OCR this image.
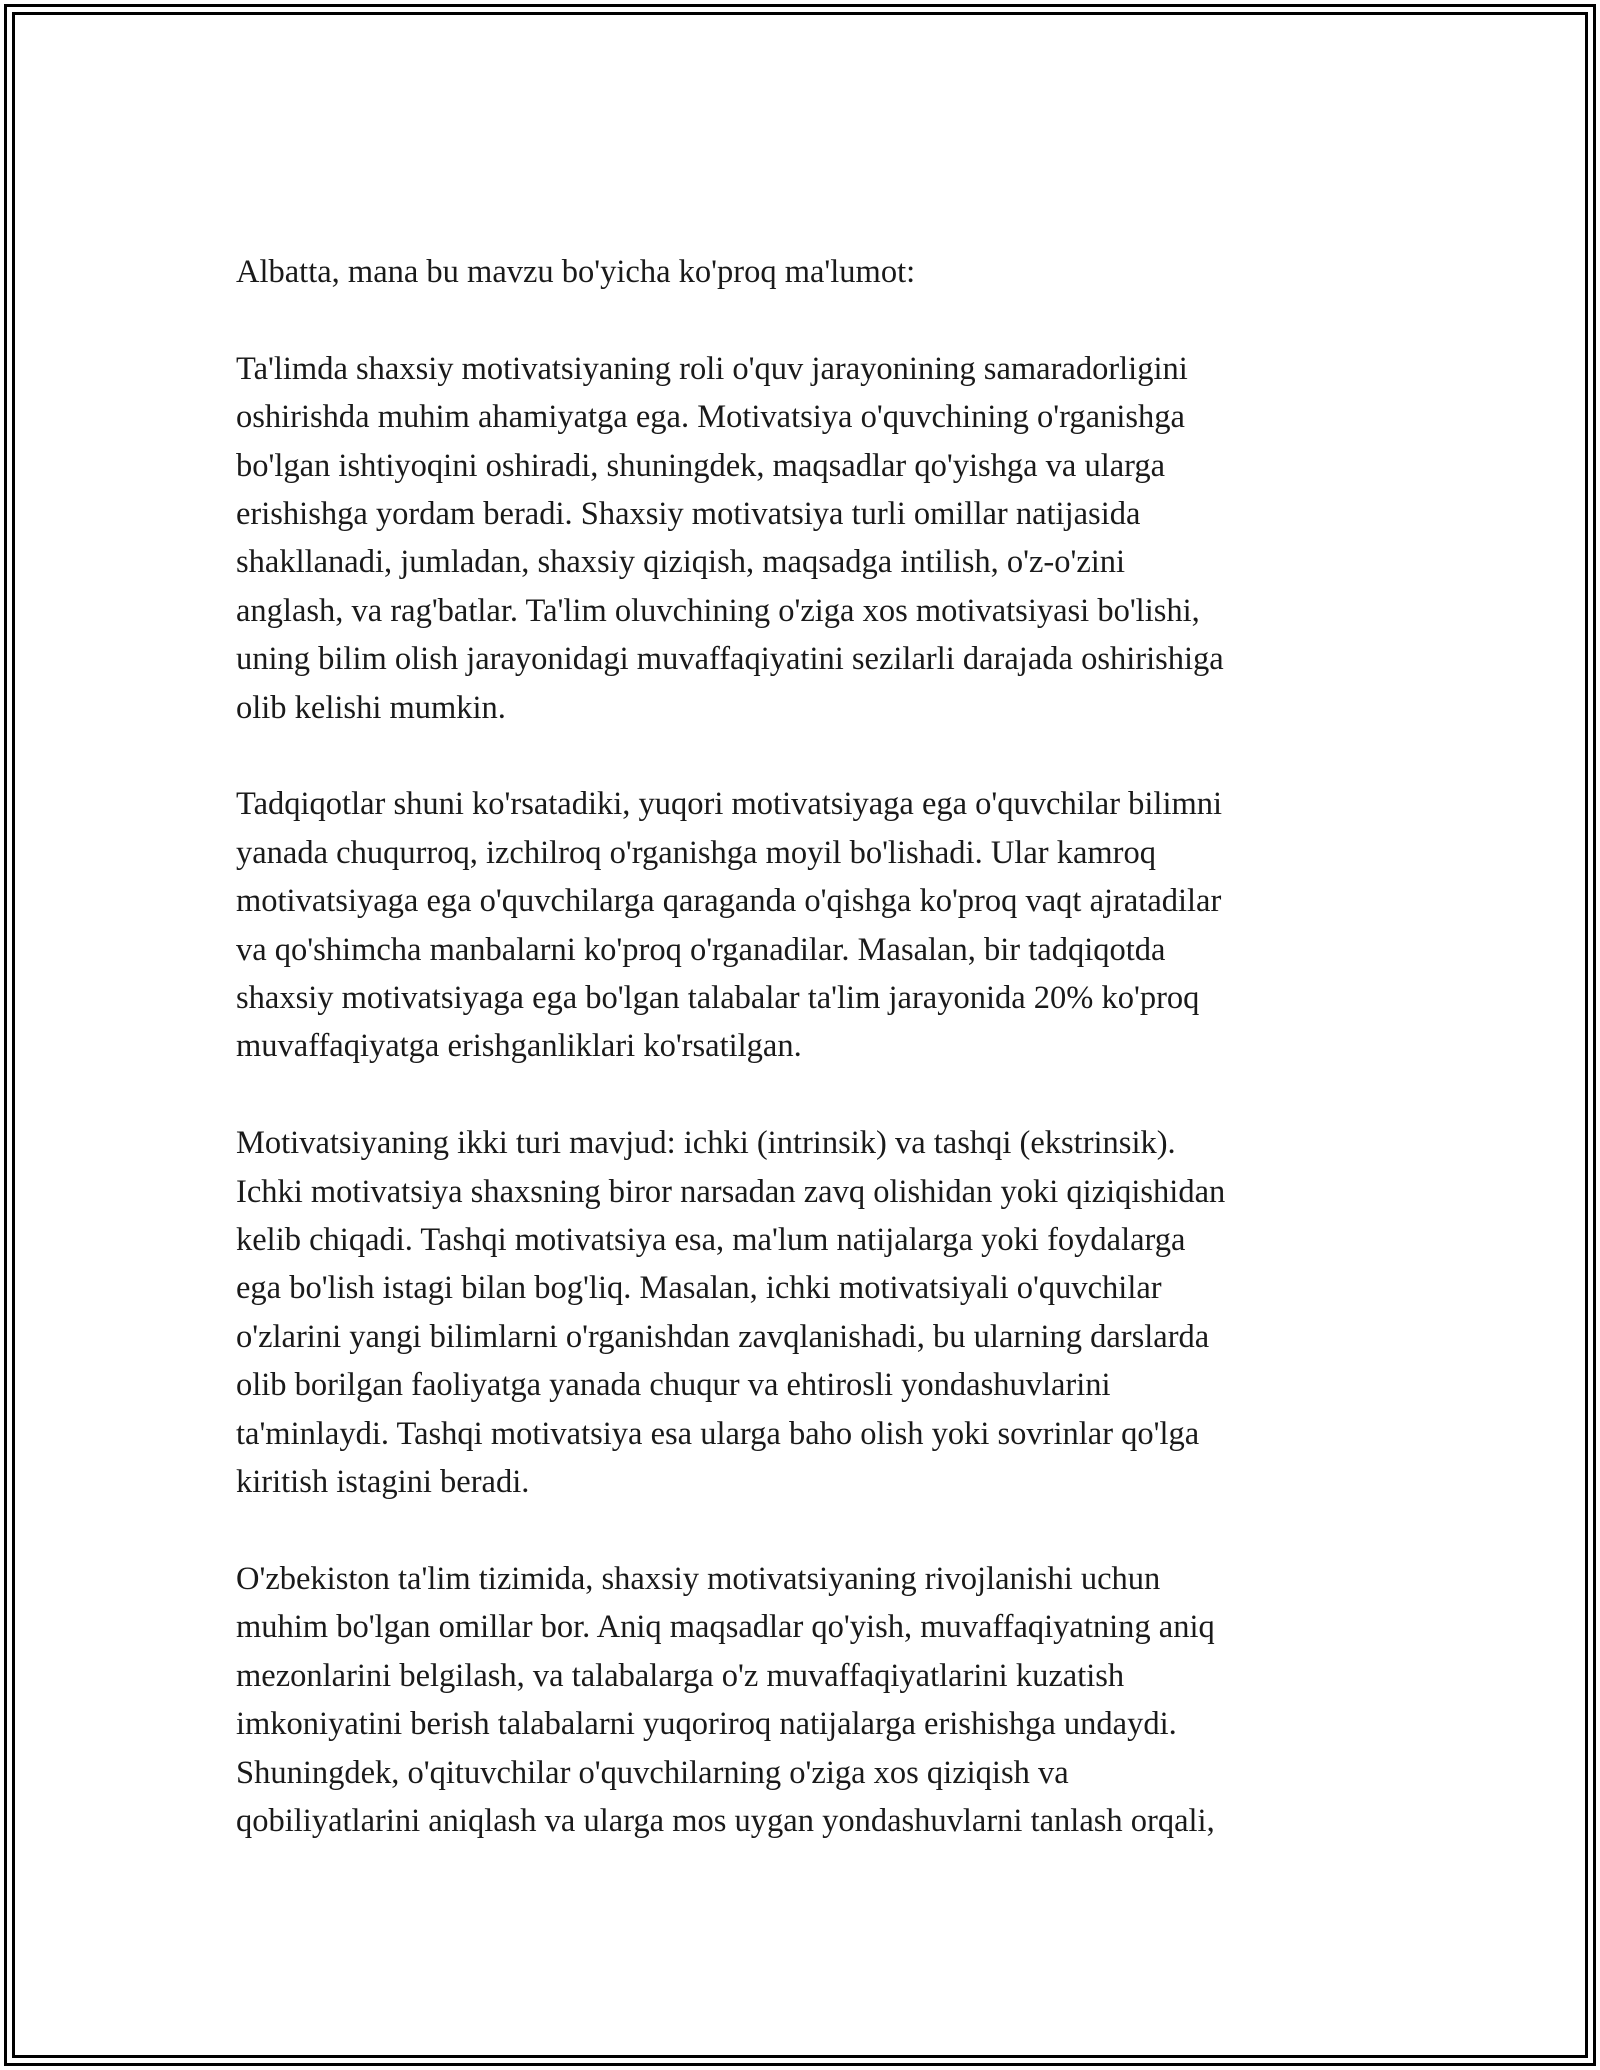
Albatta, mana bu mavzu bo'yicha ko'proq ma'lumot:

Ta'limda shaxsiy motivatsiyaning roli o'quv jarayonining samaradorligini
oshirishda muhim ahamiyatga ega. Motivatsiya o'quvchining o'rganishga
bo'lgan ishtiyoqini oshiradi, shuningdek, maqsadlar qo'yishga va ularga
erishishga yordam beradi. Shaxsiy motivatsiya turli omillar natijasida
shakllanadi, jumladan, shaxsiy qiziqish, maqsadga intilish, o'z-o'zini
anglash, va rag'batlar. Ta'lim oluvchining o'ziga xos motivatsiyasi bo'lishi,
uning bilim olish jarayonidagi muvaffaqiyatini sezilarli darajada oshirishiga
olib kelishi mumkin.

Tadqiqotlar shuni ko'rsatadiki, yuqori motivatsiyaga ega o'quvchilar bilimni
yanada chuqurroq, izchilroq o'rganishga moyil bo'lishadi. Ular kamroq
motivatsiyaga ega o'quvchilarga qaraganda o'qishga ko'proq vaqt ajratadilar
va qo'shimcha manbalarni ko'proq o'rganadilar. Masalan, bir tadqiqotda
shaxsiy motivatsiyaga ega bo'lgan talabalar ta'lim jarayonida 20% ko'proq
muvaffaqiyatga erishganliklari ko'rsatilgan.

Motivatsiyaning ikki turi mavjud: ichki (intrinsik) va tashqi (ekstrinsik).
Ichki motivatsiya shaxsning biror narsadan zavq olishidan yoki qiziqishidan
kelib chiqadi. Tashqi motivatsiya esa, ma'lum natijalarga yoki foydalarga
ega bo'lish istagi bilan bog'liq. Masalan, ichki motivatsiyali o'quvchilar
o'zlarini yangi bilimlarni o'rganishdan zavqlanishadi, bu ularning darslarda
olib borilgan faoliyatga yanada chuqur va ehtirosli yondashuvlarini
ta'minlaydi. Tashqi motivatsiya esa ularga baho olish yoki sovrinlar qo'lga
kiritish istagini beradi.

O'zbekiston ta'lim tizimida, shaxsiy motivatsiyaning rivojlanishi uchun
muhim bo'lgan omillar bor. Aniq maqsadlar qo'yish, muvaffaqiyatning aniq
mezonlarini belgilash, va talabalarga o'z muvaffaqiyatlarini kuzatish
imkoniyatini berish talabalarni yuqoriroq natijalarga erishishga undaydi.
Shuningdek, o'qituvchilar o'quvchilarning o'ziga xos qiziqish va
qobiliyatlarini aniqlash va ularga mos uygan yondashuvlarni tanlash orqali,
